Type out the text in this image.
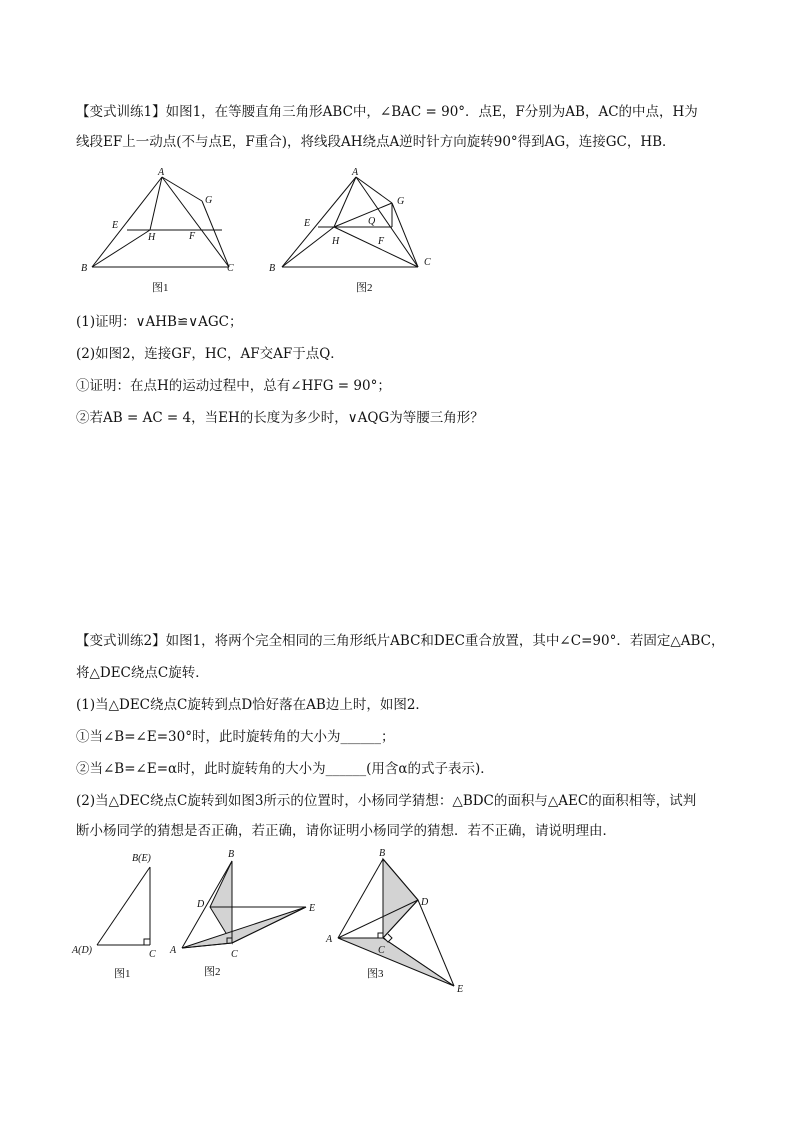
【变式训练1】如图1，在等腰直角三角形ABC中，∠BAC = 90°．点E，F分别为AB，AC的中点，H为
线段EF上一动点(不与点E，F重合)，将线段AH绕点A逆时针方向旋转90°得到AG，连接GC，HB．
A
B	C
E
F
G
H
图1
A
B
C
E
F
G
H
Q
图2
(1)证明：∨AHB≌∨AGC；
(2)如图2，连接GF，HC，AF交AF于点Q．
①证明：在点H的运动过程中，总有∠HFG = 90°；
②若AB = AC = 4，当EH的长度为多少时，∨AQG为等腰三角形？
【变式训练2】如图1，将两个完全相同的三角形纸片ABC和DEC重合放置，其中∠C=90°．若固定△ABC，
将△DEC绕点C旋转．
(1)当△DEC绕点C旋转到点D恰好落在AB边上时，如图2．
①当∠B=∠E=30°时，此时旋转角的大小为______；
②当∠B=∠E=α时，此时旋转角的大小为______(用含α的式子表示)．
(2)当△DEC绕点C旋转到如图3所示的位置时，小杨同学猜想：△BDC的面积与△AEC的面积相等，试判
断小杨同学的猜想是否正确，若正确，请你证明小杨同学的猜想．若不正确，请说明理由．
B(E)
A(D)	C
图1
B
D	E
A	C
图2
B
D
A
C
E
图3
